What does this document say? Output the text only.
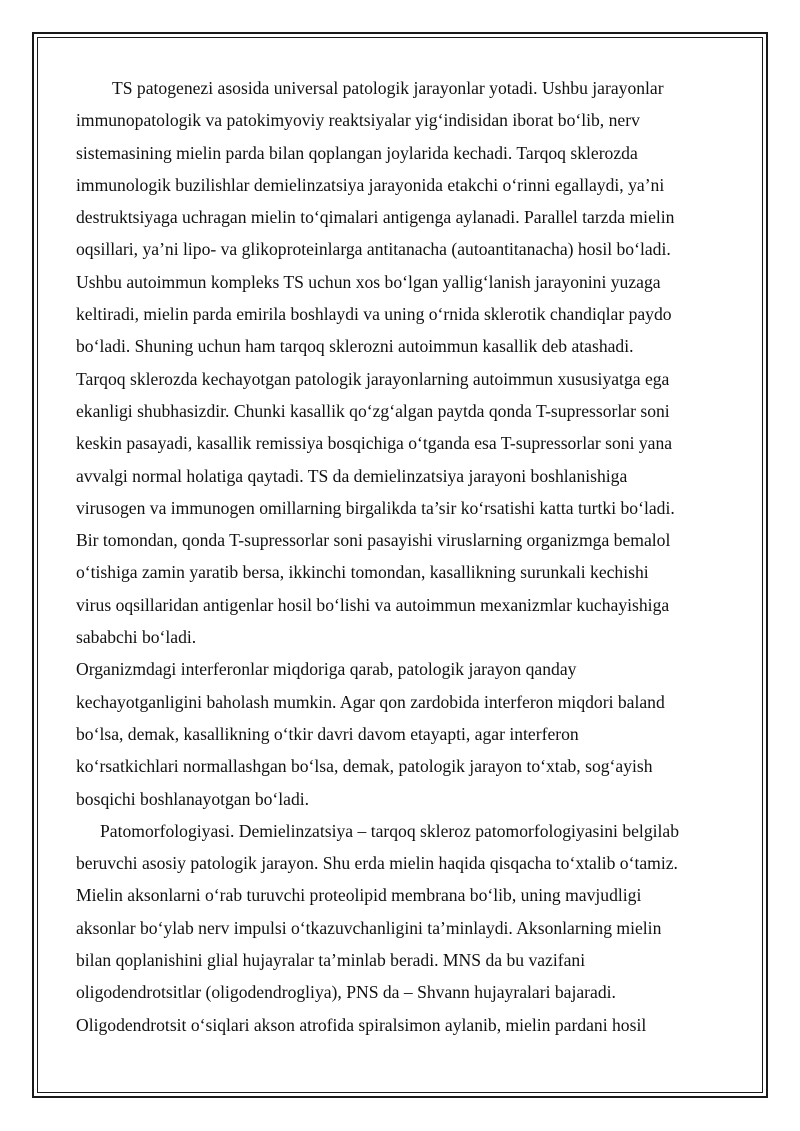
TS patogenezi asosida universal patologik jarayonlar yotadi. Ushbu jarayonlar
immunopatologik va patokimyoviy reaktsiyalar yig‘indisidan iborat bo‘lib, nerv
sistemasining mielin parda bilan qoplangan joylarida kechadi. Tarqoq sklerozda
immunologik buzilishlar demielinzatsiya jarayonida etakchi o‘rinni egallaydi, ya’ni
destruktsiyaga uchragan mielin to‘qimalari antigenga aylanadi. Parallel tarzda mielin
oqsillari, ya’ni lipo- va glikoproteinlarga antitanacha (autoantitanacha) hosil bo‘ladi.
Ushbu autoimmun kompleks TS uchun xos bo‘lgan yallig‘lanish jarayonini yuzaga
keltiradi, mielin parda emirila boshlaydi va uning o‘rnida sklerotik chandiqlar paydo
bo‘ladi. Shuning uchun ham tarqoq sklerozni autoimmun kasallik deb atashadi.
Tarqoq sklerozda kechayotgan patologik jarayonlarning autoimmun xususiyatga ega
ekanligi shubhasizdir. Chunki kasallik qo‘zg‘algan paytda qonda T-supressorlar soni
keskin pasayadi, kasallik remissiya bosqichiga o‘tganda esa T-supressorlar soni yana
avvalgi normal holatiga qaytadi. TS da demielinzatsiya jarayoni boshlanishiga
virusogen va immunogen omillarning birgalikda ta’sir ko‘rsatishi katta turtki bo‘ladi.
Bir tomondan, qonda T-supressorlar soni pasayishi viruslarning organizmga bemalol
o‘tishiga zamin yaratib bersa, ikkinchi tomondan, kasallikning surunkali kechishi
virus oqsillaridan antigenlar hosil bo‘lishi va autoimmun mexanizmlar kuchayishiga
sababchi bo‘ladi.
Organizmdagi interferonlar miqdoriga qarab, patologik jarayon qanday
kechayotganligini baholash mumkin. Agar qon zardobida interferon miqdori baland
bo‘lsa, demak, kasallikning o‘tkir davri davom etayapti, agar interferon
ko‘rsatkichlari normallashgan bo‘lsa, demak, patologik jarayon to‘xtab, sog‘ayish
bosqichi boshlanayotgan bo‘ladi.
Patomorfologiyasi. Demielinzatsiya – tarqoq skleroz patomorfologiyasini belgilab
beruvchi asosiy patologik jarayon. Shu erda mielin haqida qisqacha to‘xtalib o‘tamiz.
Mielin aksonlarni o‘rab turuvchi proteolipid membrana bo‘lib, uning mavjudligi
aksonlar bo‘ylab nerv impulsi o‘tkazuvchanligini ta’minlaydi. Aksonlarning mielin
bilan qoplanishini glial hujayralar ta’minlab beradi. MNS da bu vazifani
oligodendrotsitlar (oligodendrogliya), PNS da – Shvann hujayralari bajaradi.
Oligodendrotsit o‘siqlari akson atrofida spiralsimon aylanib, mielin pardani hosil
